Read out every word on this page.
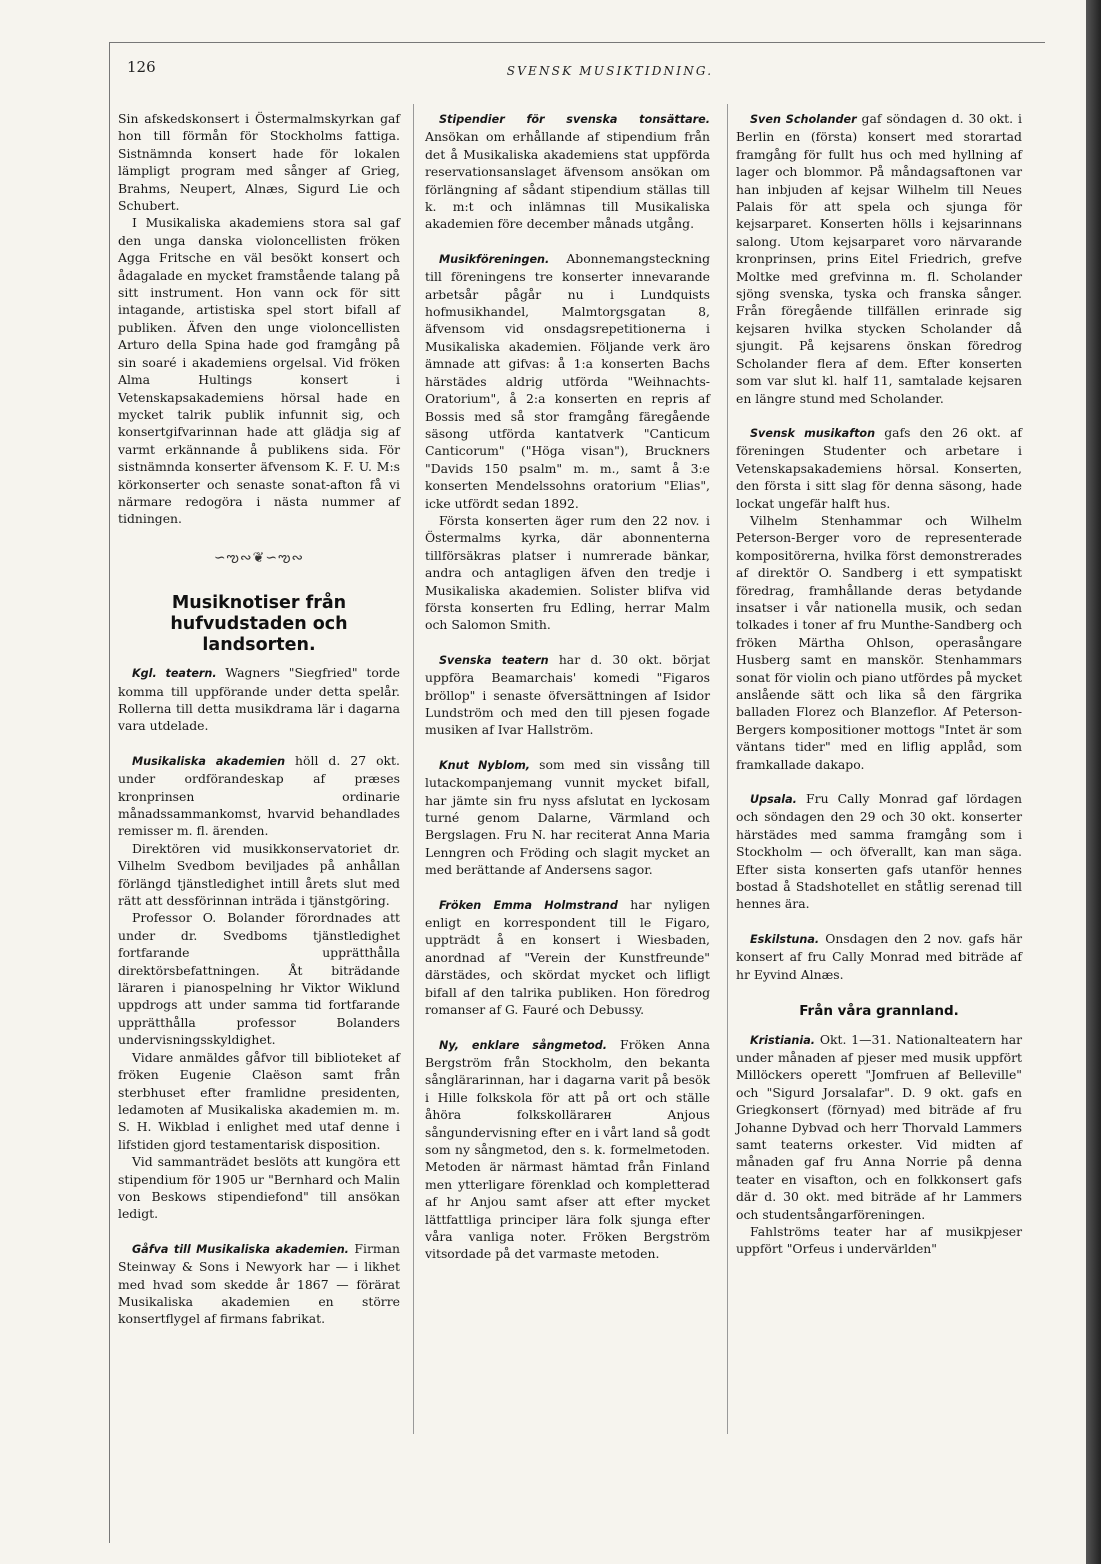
126	SVENSK MUSIKTIDNING.

Sin afskedskonsert i Östermalmskyrkan gaf hon till förmån för Stockholms fattiga. Sistnämnda konsert hade för lokalen lämpligt program med sånger af Grieg, Brahms, Neupert, Alnæs, Sigurd Lie och Schubert.

I Musikaliska akademiens stora sal gaf den unga danska violoncellisten fröken Agga Fritsche en väl besökt konsert och ådagalade en mycket framstående talang på sitt instrument. Hon vann ock för sitt intagande, artistiska spel stort bifall af publiken. Äfven den unge violoncellisten Arturo della Spina hade god framgång på sin soaré i akademiens orgelsal. Vid fröken Alma Hultings konsert i Vetenskapsakademiens hörsal hade en mycket talrik publik infunnit sig, och konsertgifvarinnan hade att glädja sig af varmt erkännande å publikens sida. För sistnämnda konserter äfvensom K. F. U. M:s körkonserter och senaste sonat-afton få vi närmare redogöra i nästa nummer af tidningen.

∽ఌ∾❦∽ఌ∾
Musiknotiser från hufvudstaden och landsorten.

Kgl. teatern. Wagners "Siegfried" torde komma till uppförande under detta spelår. Rollerna till detta musikdrama lär i dagarna vara utdelade.

Musikaliska akademien höll d. 27 okt. under ordförandeskap af præses kronprinsen ordinarie månadssammankomst, hvarvid behandlades remisser m. fl. ärenden.

Direktören vid musikkonservatoriet dr. Vilhelm Svedbom beviljades på anhållan förlängd tjänstledighet intill årets slut med rätt att dessförinnan inträda i tjänstgöring.

Professor O. Bolander förordnades att under dr. Svedboms tjänstledighet fortfarande upprätthålla direktörsbefattningen. Åt biträdande läraren i pianospelning hr Viktor Wiklund uppdrogs att under samma tid fortfarande upprätthålla professor Bolanders undervisningsskyldighet.

Vidare anmäldes gåfvor till biblioteket af fröken Eugenie Claëson samt från sterbhuset efter framlidne presidenten, ledamoten af Musikaliska akademien m. m. S. H. Wikblad i enlighet med utaf denne i lifstiden gjord testamentarisk disposition.

Vid sammanträdet beslöts att kungöra ett stipendium för 1905 ur "Bernhard och Malin von Beskows stipendiefond" till ansökan ledigt.

Gåfva till Musikaliska akademien. Firman Steinway & Sons i Newyork har — i likhet med hvad som skedde år 1867 — förärat Musikaliska akademien en större konsertflygel af firmans fabrikat.

Stipendier för svenska tonsättare. Ansökan om erhållande af stipendium från det å Musikaliska akademiens stat uppförda reservationsanslaget äfvensom ansökan om förlängning af sådant stipendium ställas till k. m:t och inlämnas till Musikaliska akademien före december månads utgång.

Musikföreningen. Abonnemangsteckning till föreningens tre konserter innevarande arbetsår pågår nu i Lundquists hofmusikhandel, Malmtorgsgatan 8, äfvensom vid onsdagsrepetitionerna i Musikaliska akademien. Följande verk äro ämnade att gifvas: å 1:a konserten Bachs härstädes aldrig utförda "Weihnachts-Oratorium", å 2:a konserten en repris af Bossis med så stor framgång färegående säsong utförda kantatverk "Canticum Canticorum" ("Höga visan"), Bruckners "Davids 150 psalm" m. m., samt å 3:e konserten Mendelssohns oratorium "Elias", icke utfördt sedan 1892.

Första konserten äger rum den 22 nov. i Östermalms kyrka, där abonnenterna tillförsäkras platser i numrerade bänkar, andra och antagligen äfven den tredje i Musikaliska akademien. Solister blifva vid första konserten fru Edling, herrar Malm och Salomon Smith.

Svenska teatern har d. 30 okt. börjat uppföra Beamarchais' komedi "Figaros bröllop" i senaste öfversättningen af Isidor Lundström och med den till pjesen fogade musiken af Ivar Hallström.

Knut Nyblom, som med sin vissång till lutackompanjemang vunnit mycket bifall, har jämte sin fru nyss afslutat en lyckosam turné genom Dalarne, Värmland och Bergslagen. Fru N. har reciterat Anna Maria Lenngren och Fröding och slagit mycket an med berättande af Andersens sagor.

Fröken Emma Holmstrand har nyligen enligt en korrespondent till le Figaro, uppträdt å en konsert i Wiesbaden, anordnad af "Verein der Kunstfreunde" därstädes, och skördat mycket och lifligt bifall af den talrika publiken. Hon föredrog romanser af G. Fauré och Debussy.

Ny, enklare sångmetod. Fröken Anna Bergström från Stockholm, den bekanta sånglärarinnan, har i dagarna varit på besök i Hille folkskola för att på ort och ställe åhöra folkskollärarен Anjous sångundervisning efter en i vårt land så godt som ny sångmetod, den s. k. formelmetoden. Metoden är närmast hämtad från Finland men ytterligare förenklad och kompletterad af hr Anjou samt afser att efter mycket lättfattliga principer lära folk sjunga efter våra vanliga noter. Fröken Bergström vitsordade på det varmaste metoden.

Sven Scholander gaf söndagen d. 30 okt. i Berlin en (första) konsert med storartad framgång för fullt hus och med hyllning af lager och blommor. På måndagsaftonen var han inbjuden af kejsar Wilhelm till Neues Palais för att spela och sjunga för kejsarparet. Konserten hölls i kejsarinnans salong. Utom kejsarparet voro närvarande kronprinsen, prins Eitel Friedrich, grefve Moltke med grefvinna m. fl. Scholander sjöng svenska, tyska och franska sånger. Från föregående tillfällen erinrade sig kejsaren hvilka stycken Scholander då sjungit. På kejsarens önskan föredrog Scholander flera af dem. Efter konserten som var slut kl. half 11, samtalade kejsaren en längre stund med Scholander.

Svensk musikafton gafs den 26 okt. af föreningen Studenter och arbetare i Vetenskapsakademiens hörsal. Konserten, den första i sitt slag för denna säsong, hade lockat ungefär halft hus.

Vilhelm Stenhammar och Wilhelm Peterson-Berger voro de representerade kompositörerna, hvilka först demonstrerades af direktör O. Sandberg i ett sympatiskt föredrag, framhållande deras betydande insatser i vår nationella musik, och sedan tolkades i toner af fru Munthe-Sandberg och fröken Märtha Ohlson, operasångare Husberg samt en manskör. Stenhammars sonat för violin och piano utfördes på mycket anslående sätt och lika så den färgrika balladen Florez och Blanzeflor. Af Peterson-Bergers kompositioner mottogs "Intet är som väntans tider" med en liflig applåd, som framkallade dakapo.

Upsala. Fru Cally Monrad gaf lördagen och söndagen den 29 och 30 okt. konserter härstädes med samma framgång som i Stockholm — och öfverallt, kan man säga. Efter sista konserten gafs utanför hennes bostad å Stadshotellet en ståtlig serenad till hennes ära.

Eskilstuna. Onsdagen den 2 nov. gafs här konsert af fru Cally Monrad med biträde af hr Eyvind Alnæs.

Från våra grannland.

Kristiania. Okt. 1—31. Nationalteatern har under månaden af pjeser med musik uppfört Millöckers operett "Jomfruen af Belleville" och "Sigurd Jorsalafar". D. 9 okt. gafs en Griegkonsert (förnyad) med biträde af fru Johanne Dybvad och herr Thorvald Lammers samt teaterns orkester. Vid midten af månaden gaf fru Anna Norrie på denna teater en visafton, och en folkkonsert gafs där d. 30 okt. med biträde af hr Lammers och studentsångarföreningen.

Fahlströms teater har af musikpjeser uppfört "Orfeus i undervärlden"
